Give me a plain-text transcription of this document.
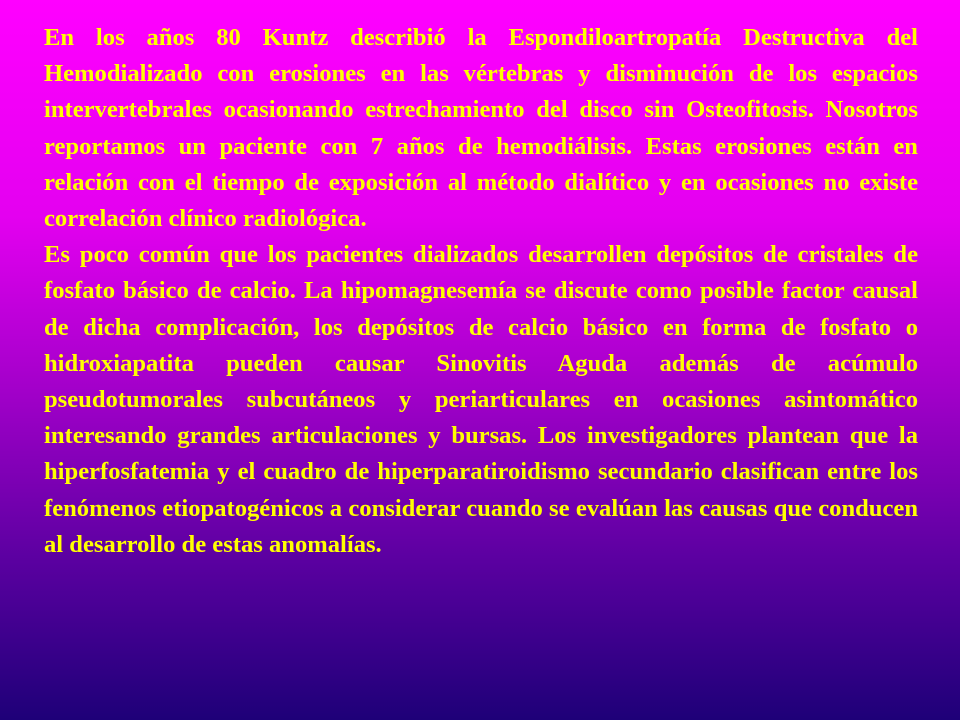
En los años 80 Kuntz describió la Espondiloartropatía Destructiva del Hemodializado con erosiones en las vértebras y disminución de los espacios intervertebrales ocasionando estrechamiento del disco sin Osteofitosis. Nosotros reportamos un paciente con 7 años de hemodiálisis. Estas erosiones están en relación con el tiempo de exposición al método dialítico y en ocasiones no existe correlación clínico radiológica.

Es poco común que los pacientes dializados desarrollen depósitos de cristales de fosfato básico de calcio. La hipomagnesemía se discute como posible factor causal de dicha complicación, los depósitos de calcio básico en forma de fosfato o hidroxiapatita pueden causar Sinovitis Aguda además de acúmulo pseudotumorales subcutáneos y periarticulares en ocasiones asintomático interesando grandes articulaciones y bursas. Los investigadores plantean que la hiperfosfatemia y el cuadro de hiperparatiroidismo secundario clasifican entre los fenómenos etiopatogénicos a considerar cuando se evalúan las causas que conducen al desarrollo de estas anomalías.
